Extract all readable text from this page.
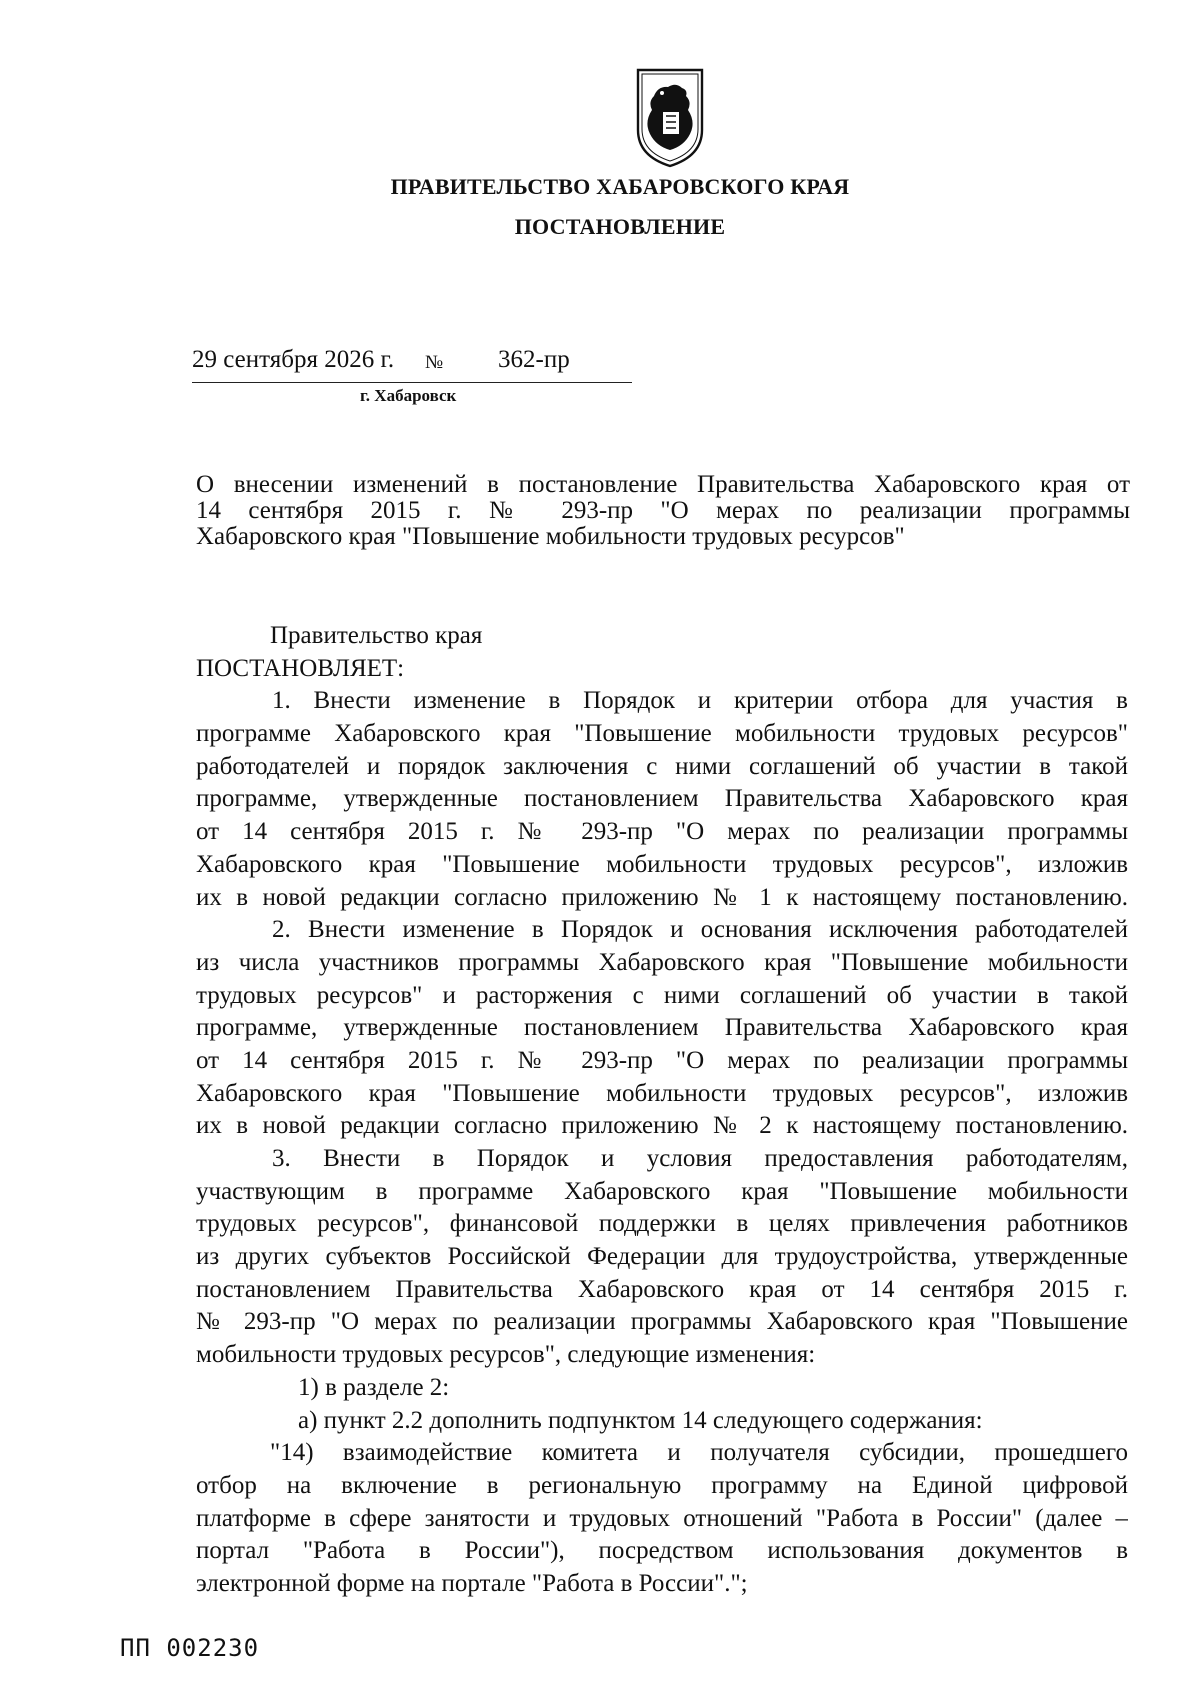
ПРАВИТЕЛЬСТВО ХАБАРОВСКОГО КРАЯ
ПОСТАНОВЛЕНИЕ
29 сентября 2026 г. № 362-пр
г. Хабаровск
О внесении изменений в постановление Правительства Хабаровского края от
14 сентября 2015 г. № 293-пр "О мерах по реализации программы
Хабаровского края "Повышение мобильности трудовых ресурсов"
Правительство края
ПОСТАНОВЛЯЕТ:
1. Внести изменение в Порядок и критерии отбора для участия в
программе Хабаровского края "Повышение мобильности трудовых ресурсов"
работодателей и порядок заключения с ними соглашений об участии в такой
программе, утвержденные постановлением Правительства Хабаровского края
от 14 сентября 2015 г. № 293-пр "О мерах по реализации программы
Хабаровского края "Повышение мобильности трудовых ресурсов", изложив
их в новой редакции согласно приложению № 1 к настоящему постановлению.
2. Внести изменение в Порядок и основания исключения работодателей
из числа участников программы Хабаровского края "Повышение мобильности
трудовых ресурсов" и расторжения с ними соглашений об участии в такой
программе, утвержденные постановлением Правительства Хабаровского края
от 14 сентября 2015 г. № 293-пр "О мерах по реализации программы
Хабаровского края "Повышение мобильности трудовых ресурсов", изложив
их в новой редакции согласно приложению № 2 к настоящему постановлению.
3. Внести в Порядок и условия предоставления работодателям,
участвующим в программе Хабаровского края "Повышение мобильности
трудовых ресурсов", финансовой поддержки в целях привлечения работников
из других субъектов Российской Федерации для трудоустройства, утвержденные
постановлением Правительства Хабаровского края от 14 сентября 2015 г.
№ 293-пр "О мерах по реализации программы Хабаровского края "Повышение
мобильности трудовых ресурсов", следующие изменения:
1) в разделе 2:
а) пункт 2.2 дополнить подпунктом 14 следующего содержания:
"14) взаимодействие комитета и получателя субсидии, прошедшего
отбор на включение в региональную программу на Единой цифровой
платформе в сфере занятости и трудовых отношений "Работа в России" (далее –
портал "Работа в России"), посредством использования документов в
электронной форме на портале "Работа в России".";
ПП 002230
